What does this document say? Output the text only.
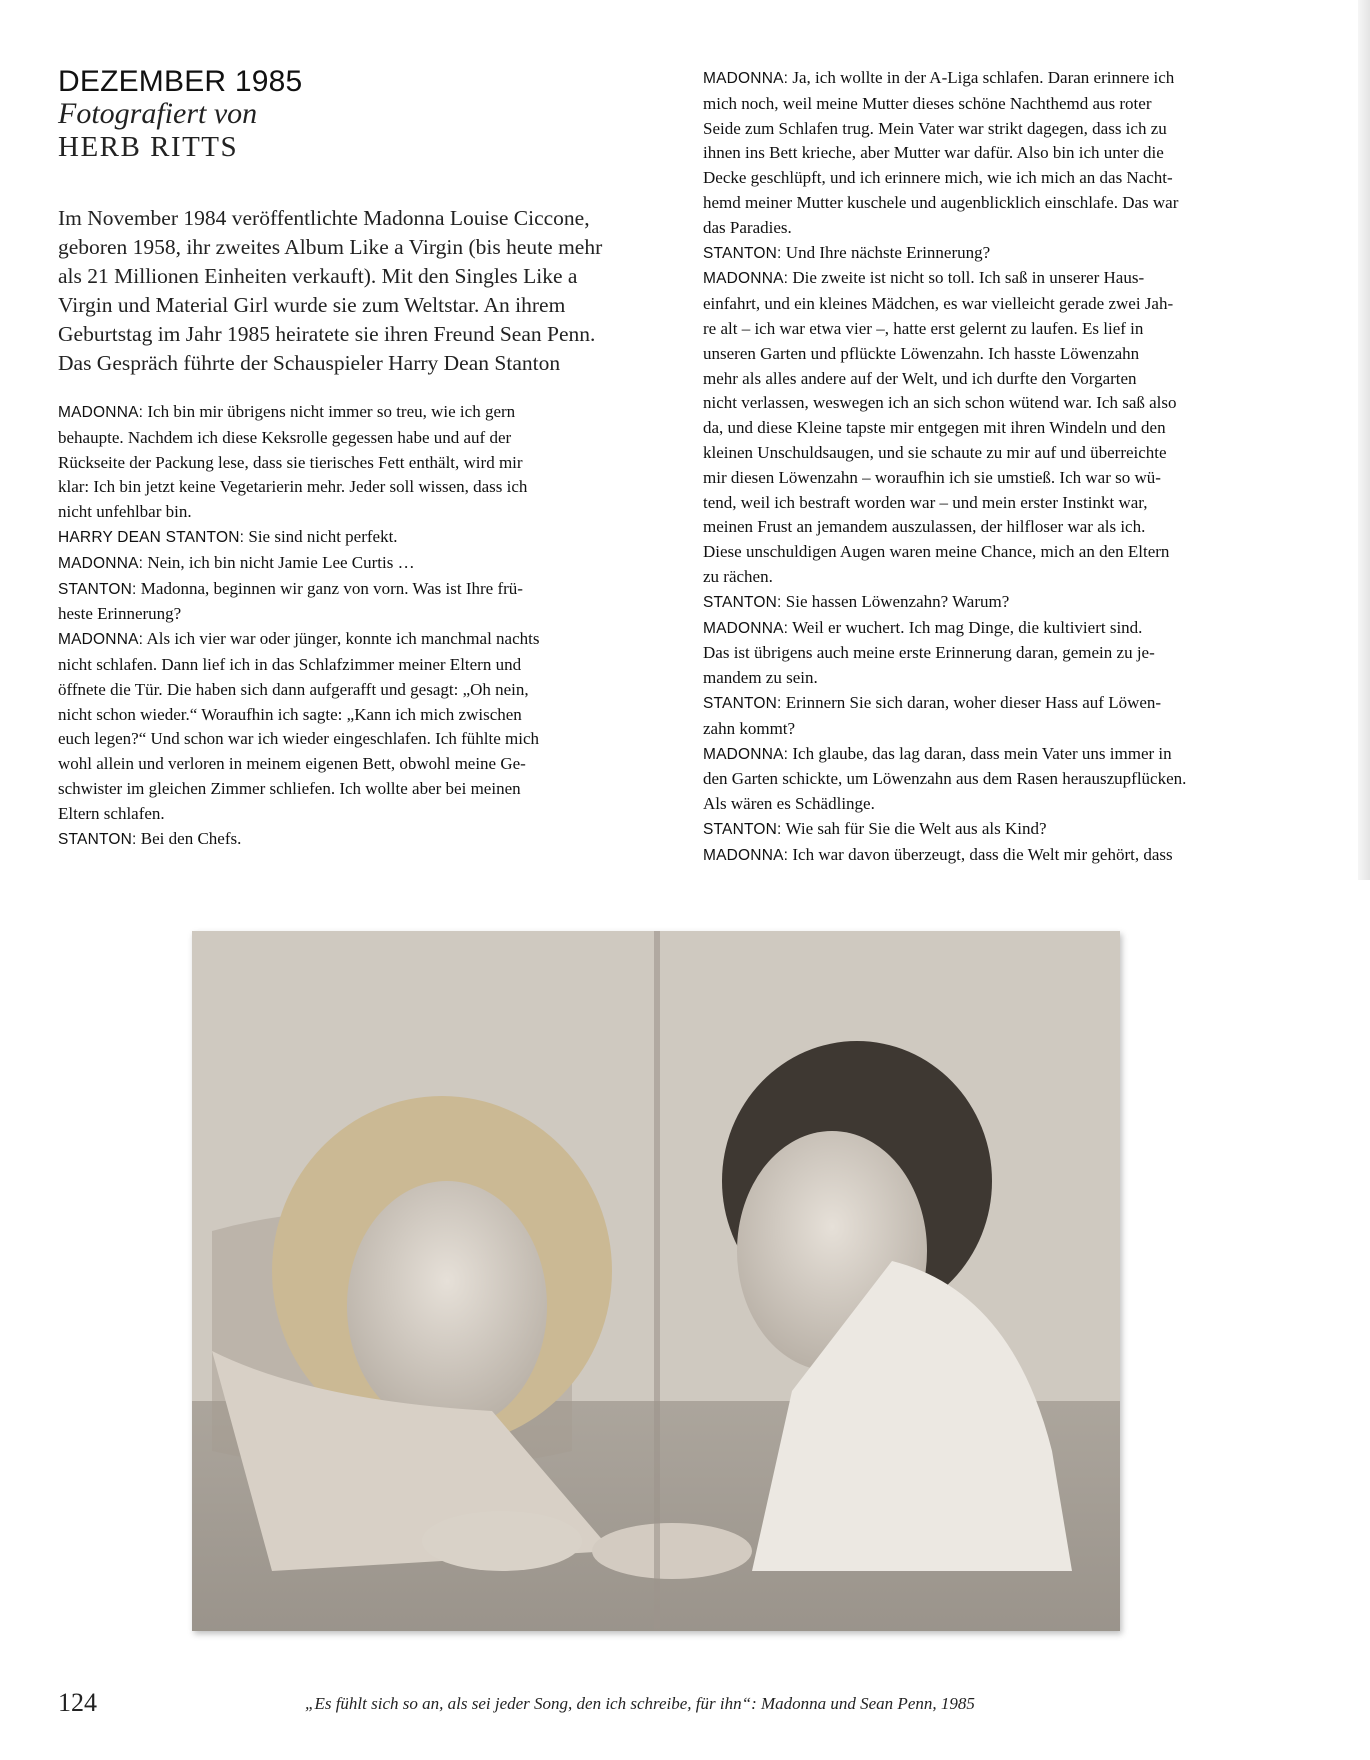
DEZEMBER 1985
Fotografiert von
HERB RITTS
Im November 1984 veröffentlichte Madonna Louise Ciccone, geboren 1958, ihr zweites Album Like a Virgin (bis heute mehr als 21 Millionen Einheiten verkauft). Mit den Singles Like a Virgin und Material Girl wurde sie zum Weltstar. An ihrem Geburtstag im Jahr 1985 heiratete sie ihren Freund Sean Penn. Das Gespräch führte der Schauspieler Harry Dean Stanton

MADONNA: Ich bin mir übrigens nicht immer so treu, wie ich gern

behaupte. Nachdem ich diese Keksrolle gegessen habe und auf der

Rückseite der Packung lese, dass sie tierisches Fett enthält, wird mir

klar: Ich bin jetzt keine Vegetarierin mehr. Jeder soll wissen, dass ich

nicht unfehlbar bin.

HARRY DEAN STANTON: Sie sind nicht perfekt.

MADONNA: Nein, ich bin nicht Jamie Lee Curtis …

STANTON: Madonna, beginnen wir ganz von vorn. Was ist Ihre frü-

heste Erinnerung?

MADONNA: Als ich vier war oder jünger, konnte ich manchmal nachts

nicht schlafen. Dann lief ich in das Schlafzimmer meiner Eltern und

öffnete die Tür. Die haben sich dann aufgerafft und gesagt: „Oh nein,

nicht schon wieder.“ Woraufhin ich sagte: „Kann ich mich zwischen

euch legen?“ Und schon war ich wieder eingeschlafen. Ich fühlte mich

wohl allein und verloren in meinem eigenen Bett, obwohl meine Ge-

schwister im gleichen Zimmer schliefen. Ich wollte aber bei meinen

Eltern schlafen.

STANTON: Bei den Chefs.

MADONNA: Ja, ich wollte in der A-Liga schlafen. Daran erinnere ich

mich noch, weil meine Mutter dieses schöne Nachthemd aus roter

Seide zum Schlafen trug. Mein Vater war strikt dagegen, dass ich zu

ihnen ins Bett krieche, aber Mutter war dafür. Also bin ich unter die

Decke geschlüpft, und ich erinnere mich, wie ich mich an das Nacht-

hemd meiner Mutter kuschele und augenblicklich einschlafe. Das war

das Paradies.

STANTON: Und Ihre nächste Erinnerung?

MADONNA: Die zweite ist nicht so toll. Ich saß in unserer Haus-

einfahrt, und ein kleines Mädchen, es war vielleicht gerade zwei Jah-

re alt – ich war etwa vier –, hatte erst gelernt zu laufen. Es lief in

unseren Garten und pflückte Löwenzahn. Ich hasste Löwenzahn

mehr als alles andere auf der Welt, und ich durfte den Vorgarten

nicht verlassen, weswegen ich an sich schon wütend war. Ich saß also

da, und diese Kleine tapste mir entgegen mit ihren Windeln und den

kleinen Unschuldsaugen, und sie schaute zu mir auf und überreichte

mir diesen Löwenzahn – woraufhin ich sie umstieß. Ich war so wü-

tend, weil ich bestraft worden war – und mein erster Instinkt war,

meinen Frust an jemandem auszulassen, der hilfloser war als ich.

Diese unschuldigen Augen waren meine Chance, mich an den Eltern

zu rächen.

STANTON: Sie hassen Löwenzahn? Warum?

MADONNA: Weil er wuchert. Ich mag Dinge, die kultiviert sind.

Das ist übrigens auch meine erste Erinnerung daran, gemein zu je-

mandem zu sein.

STANTON: Erinnern Sie sich daran, woher dieser Hass auf Löwen-

zahn kommt?

MADONNA: Ich glaube, das lag daran, dass mein Vater uns immer in

den Garten schickte, um Löwenzahn aus dem Rasen herauszupflücken.

Als wären es Schädlinge.

STANTON: Wie sah für Sie die Welt aus als Kind?

MADONNA: Ich war davon überzeugt, dass die Welt mir gehört, dass

124	„Es fühlt sich so an, als sei jeder Song, den ich schreibe, für ihn“: Madonna und Sean Penn, 1985
